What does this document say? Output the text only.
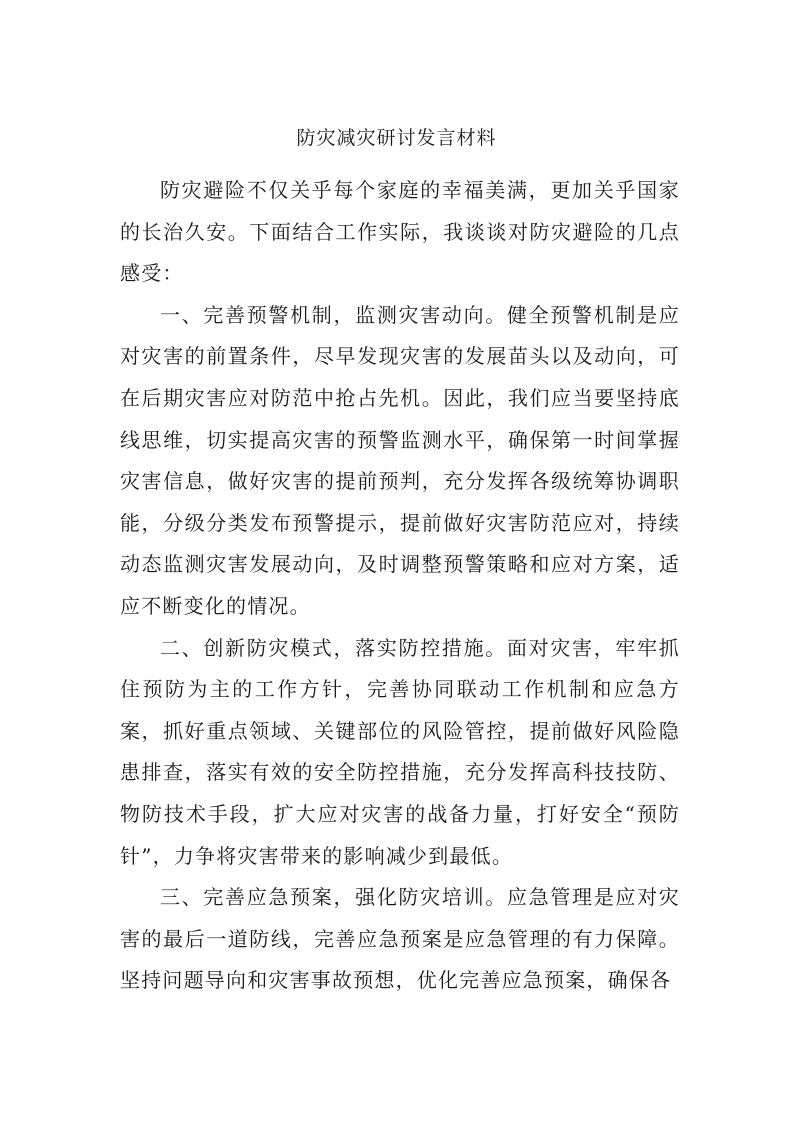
防灾减灾研讨发言材料

防灾避险不仅关乎每个家庭的幸福美满，更加关乎国家的长治久安。下面结合工作实际，我谈谈对防灾避险的几点感受：

一、完善预警机制，监测灾害动向。健全预警机制是应对灾害的前置条件，尽早发现灾害的发展苗头以及动向，可在后期灾害应对防范中抢占先机。因此，我们应当要坚持底线思维，切实提高灾害的预警监测水平，确保第一时间掌握灾害信息，做好灾害的提前预判，充分发挥各级统筹协调职能，分级分类发布预警提示，提前做好灾害防范应对，持续动态监测灾害发展动向，及时调整预警策略和应对方案，适应不断变化的情况。

二、创新防灾模式，落实防控措施。面对灾害，牢牢抓住预防为主的工作方针，完善协同联动工作机制和应急方案，抓好重点领域、关键部位的风险管控，提前做好风险隐患排查，落实有效的安全防控措施，充分发挥高科技技防、物防技术手段，扩大应对灾害的战备力量，打好安全“预防针”，力争将灾害带来的影响减少到最低。

三、完善应急预案，强化防灾培训。应急管理是应对灾害的最后一道防线，完善应急预案是应急管理的有力保障。坚持问题导向和灾害事故预想，优化完善应急预案，确保各
